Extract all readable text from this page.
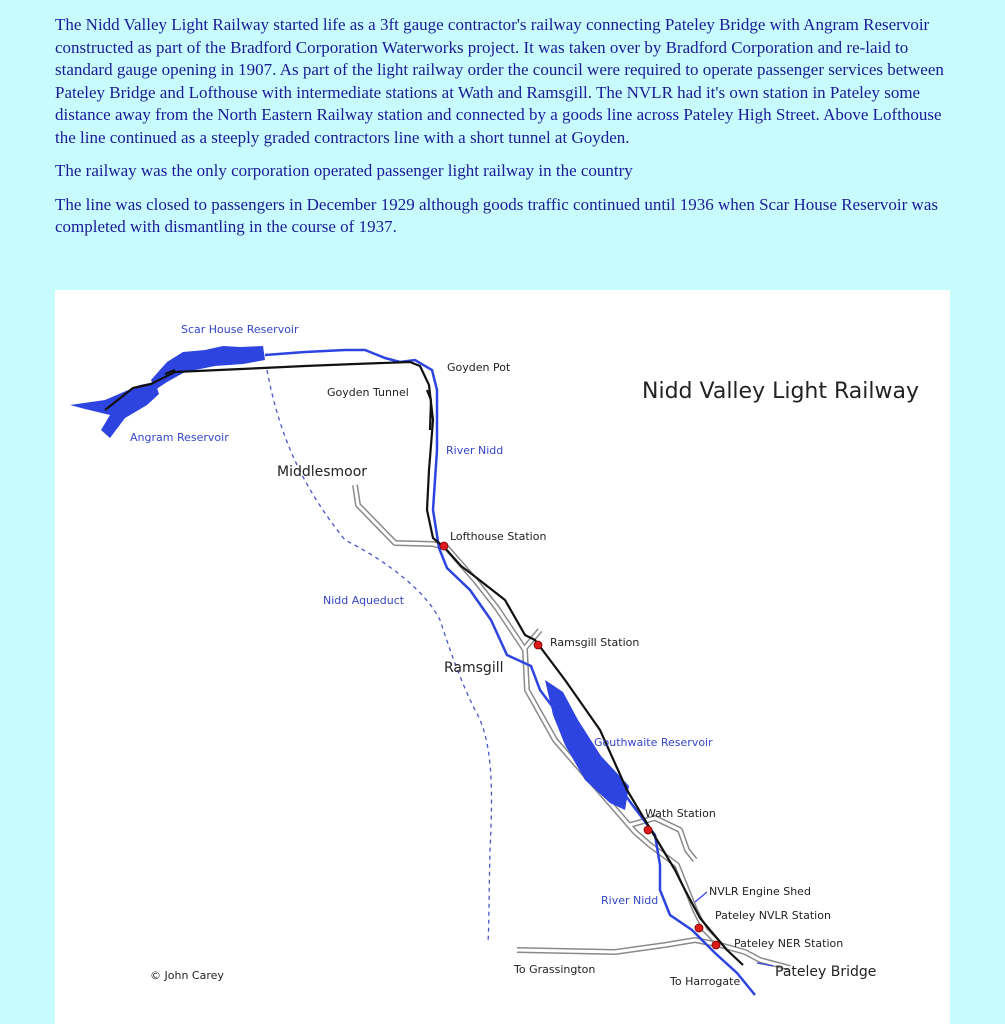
The Nidd Valley Light Railway started life as a 3ft gauge contractor's railway connecting Pateley Bridge with Angram Reservoir constructed as part of the Bradford Corporation Waterworks project. It was taken over by Bradford Corporation and re-laid to standard gauge opening in 1907. As part of the light railway order the council were required to operate passenger services between Pateley Bridge and Lofthouse with intermediate stations at Wath and Ramsgill. The NVLR had it's own station in Pateley some distance away from the North Eastern Railway station and connected by a goods line across Pateley High Street. Above Lofthouse the line continued as a steeply graded contractors line with a short tunnel at Goyden.

The railway was the only corporation operated passenger light railway in the country

The line was closed to passengers in December 1929 although goods traffic continued until 1936 when Scar House Reservoir was completed with dismantling in the course of 1937.

Nidd Valley Light Railway
Scar House Reservoir
Angram Reservoir
River Nidd
Nidd Aqueduct
Gouthwaite Reservoir
River Nidd
Goyden Pot
Goyden Tunnel
Lofthouse Station
Ramsgill Station
Wath Station
NVLR Engine Shed
Pateley NVLR Station
Pateley NER Station
To Grassington
To Harrogate
© John Carey
Middlesmoor
Ramsgill
Pateley Bridge
